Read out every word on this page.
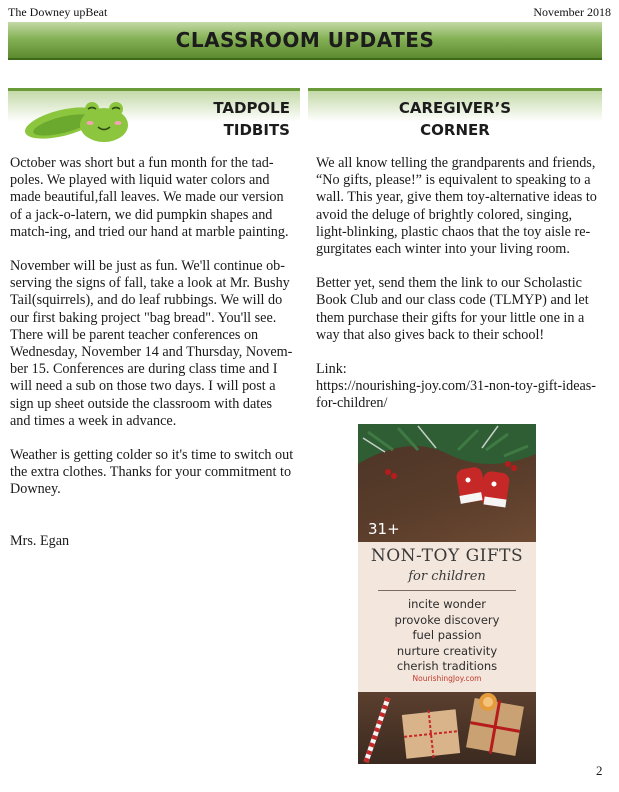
The Downey upBeat	November 2018
CLASSROOM UPDATES
TADPOLE
TIDBITS
CAREGIVER’S
CORNER

October was short but a fun month for the tad-poles. We played with liquid water colors and made beautiful,fall leaves. We made our version of a jack-o-latern, we did pumpkin shapes and match-ing, and tried our hand at marble painting.

November will be just as fun. We'll continue ob-serving the signs of fall, take a look at Mr. Bushy Tail(squirrels), and do leaf rubbings. We will do our first baking project "bag bread". You'll see. There will be parent teacher conferences on Wednesday, November 14 and Thursday, Novem-ber 15. Conferences are during class time and I will need a sub on those two days. I will post a sign up sheet outside the classroom with dates and times a week in advance.

Weather is getting colder so it's time to switch out the extra clothes. Thanks for your commitment to Downey.

Mrs. Egan

We all know telling the grandparents and friends, “No gifts, please!” is equivalent to speaking to a wall. This year, give them toy-alternative ideas to avoid the deluge of brightly colored, singing, light-blinking, plastic chaos that the toy aisle re-gurgitates each winter into your living room.

Better yet, send them the link to our Scholastic Book Club and our class code (TLMYP) and let them purchase their gifts for your little one in a way that also gives back to their school!

Link:
https://nourishing-joy.com/31-non-toy-gift-ideas-for-children/
31+
NON-TOY GIFTS
for children
incite wonder
provoke discovery
fuel passion
nurture creativity
cherish traditions
NourishingJoy.com
2
